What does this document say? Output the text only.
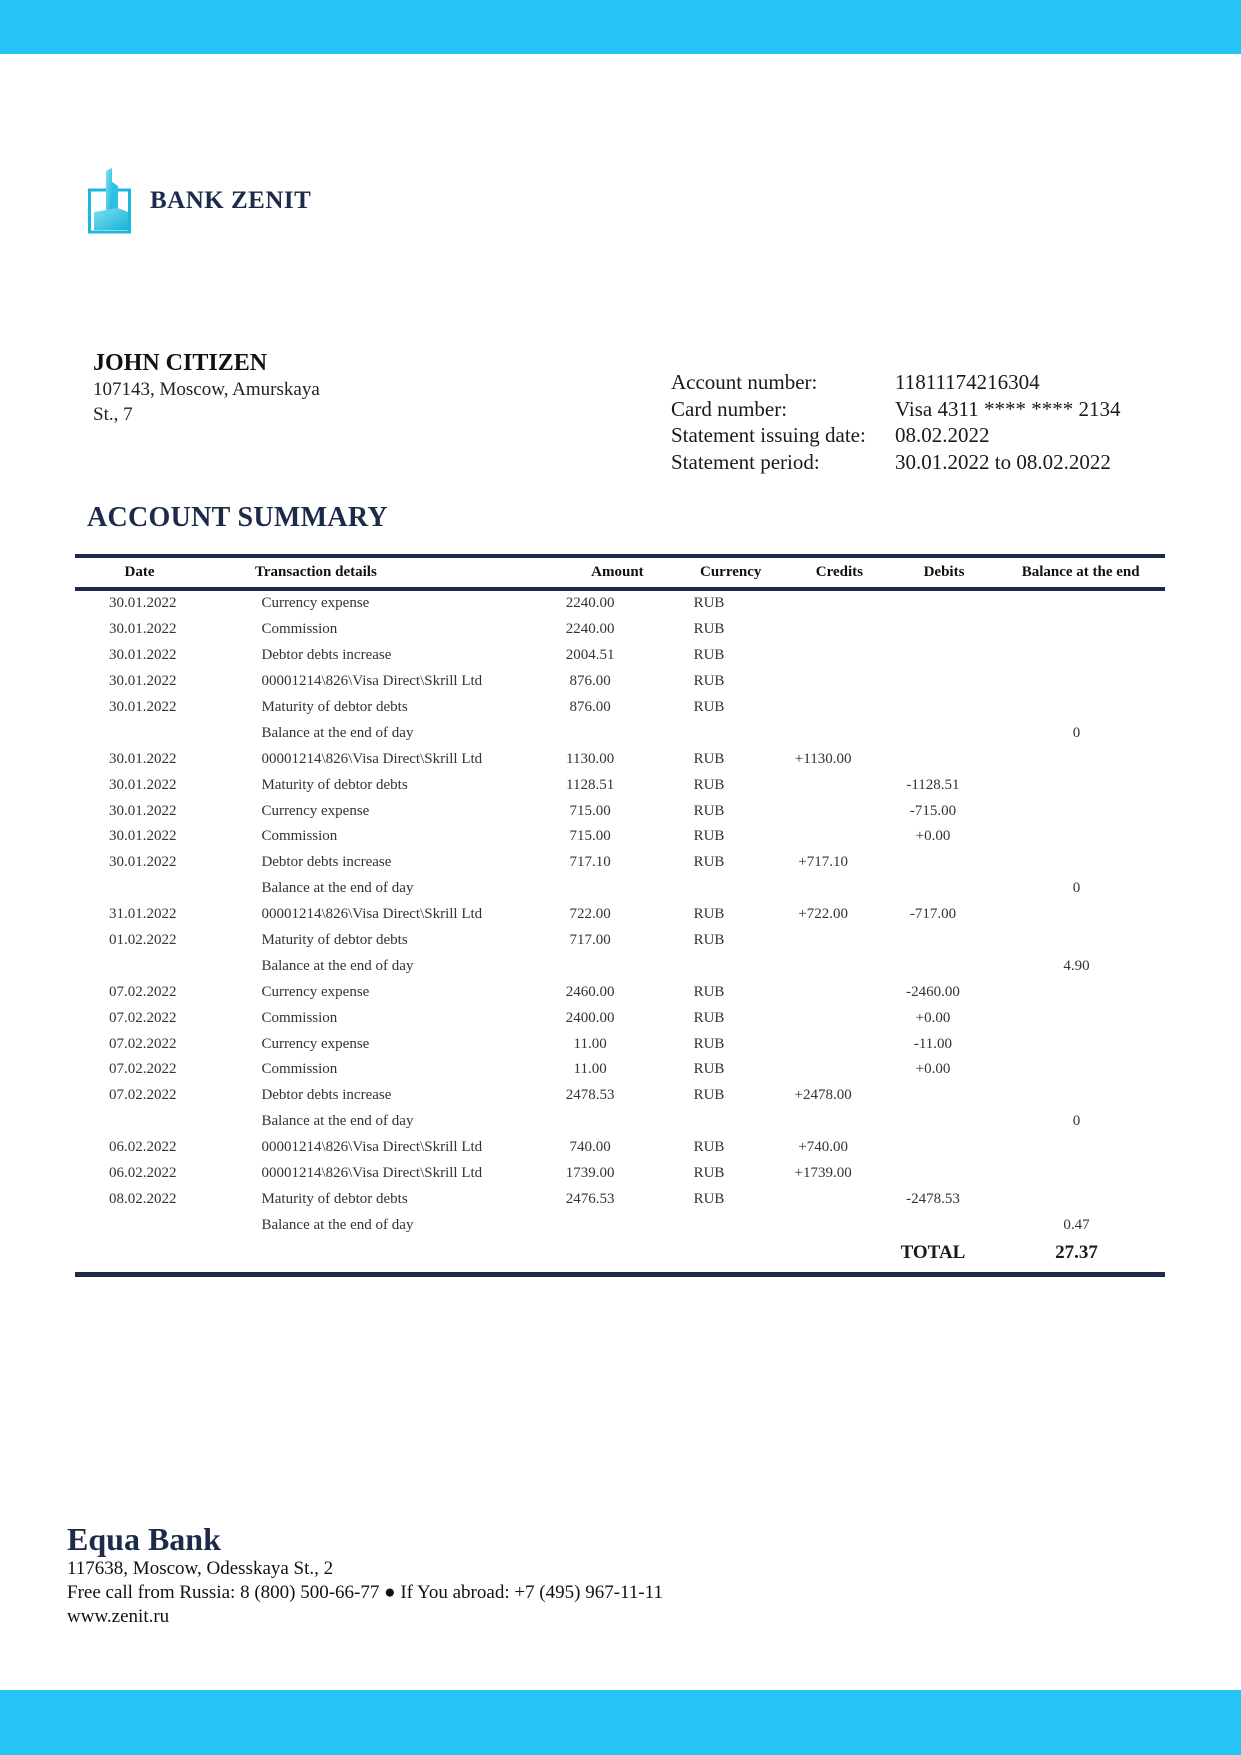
BANK ZENIT
JOHN CITIZEN
107143, Moscow, Amurskaya
St., 7
Account number:	11811174216304
Card number:	Visa 4311 **** **** 2134
Statement issuing date:	08.02.2022
Statement period:	30.01.2022 to 08.02.2022
ACCOUNT SUMMARY
Date	Transaction details	Amount	Currency	Credits	Debits	Balance at the end
30.01.2022	Currency expense	2240.00	RUB			
30.01.2022	Commission	2240.00	RUB			
30.01.2022	Debtor debts increase	2004.51	RUB			
30.01.2022	00001214\826\Visa Direct\Skrill Ltd	876.00	RUB			
30.01.2022	Maturity of debtor debts	876.00	RUB			
	Balance at the end of day					0
30.01.2022	00001214\826\Visa Direct\Skrill Ltd	1130.00	RUB	+1130.00		
30.01.2022	Maturity of debtor debts	1128.51	RUB		-1128.51	
30.01.2022	Currency expense	715.00	RUB		-715.00	
30.01.2022	Commission	715.00	RUB		+0.00	
30.01.2022	Debtor debts increase	717.10	RUB	+717.10		
	Balance at the end of day					0
31.01.2022	00001214\826\Visa Direct\Skrill Ltd	722.00	RUB	+722.00	-717.00	
01.02.2022	Maturity of debtor debts	717.00	RUB			
	Balance at the end of day					4.90
07.02.2022	Currency expense	2460.00	RUB		-2460.00	
07.02.2022	Commission	2400.00	RUB		+0.00	
07.02.2022	Currency expense	11.00	RUB		-11.00	
07.02.2022	Commission	11.00	RUB		+0.00	
07.02.2022	Debtor debts increase	2478.53	RUB	+2478.00		
	Balance at the end of day					0
06.02.2022	00001214\826\Visa Direct\Skrill Ltd	740.00	RUB	+740.00		
06.02.2022	00001214\826\Visa Direct\Skrill Ltd	1739.00	RUB	+1739.00		
08.02.2022	Maturity of debtor debts	2476.53	RUB		-2478.53	
	Balance at the end of day					0.47
					TOTAL	27.37
Equa Bank
117638, Moscow, Odesskaya St., 2
Free call from Russia: 8 (800) 500-66-77 ● If You abroad: +7 (495) 967-11-11
www.zenit.ru
